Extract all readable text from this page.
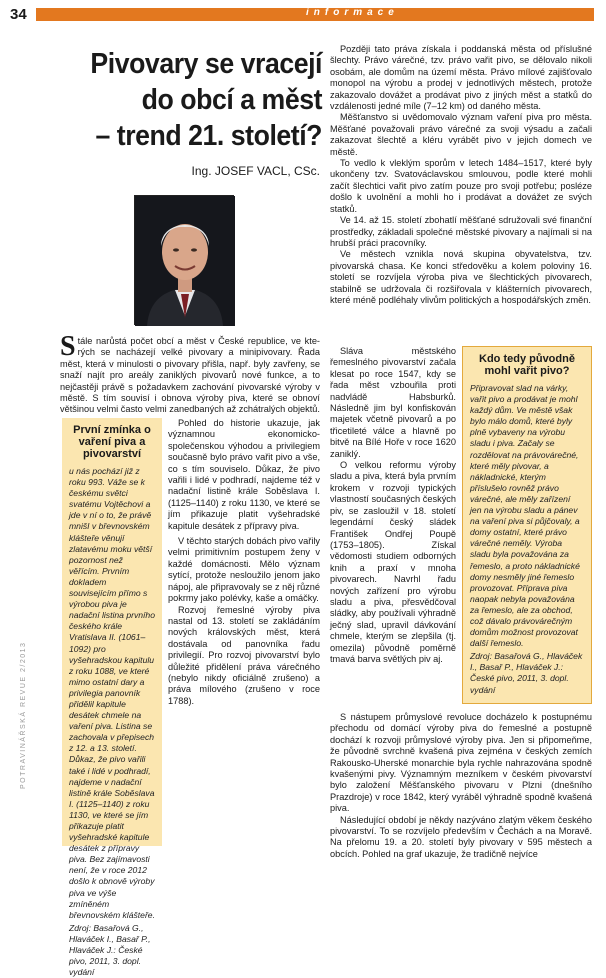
34	informace
POTRAVINÁŘSKÁ REVUE 2/2013
Pivovary se vracejí
do obcí a měst
– trend 21. století?
Ing. JOSEF VACL, CSc.

Stále narůstá počet obcí a měst v České republice, ve kte- rých se nacházejí velké pivovary a minipivovary. Řada měst, která v minulosti o pivovary přišla, např. byly zavřeny, se snaží najít pro areály zaniklých pivovarů nové funkce, a to nejčastěji právě s požadavkem zachování pivovarské výroby v městě. S tím souvisí i obnova výroby piva, které se obnoví většinou velmi často velmi zanedbaných až zchátralých objektů.

První zmínka o vaření piva a pivovarství
u nás pochází již z roku 993. Váže se k českému světci svatému Vojtěchovi a jde v ní o to, že právě mnišI v břevnovském klášteře věnují zlatavému moku větší pozornost než věřícím. Prvním dokladem souvisejícím přímo s výrobou piva je nadační listina prvního českého krále Vratislava II. (1061–1092) pro vyšehradskou kapitulu z roku 1088, ve které mimo ostatní dary a privilegia panovník přidělil kapitule desátek chmele na vaření piva. Listina se zachovala v přepisech z 12. a 13. století. Důkaz, že pivo vařili také i lidé v podhradí, najdeme v nadační listině krále Soběslava I. (1125–1140) z roku 1130, ve které se jím přikazuje platit vyšehradské kapitule desátek z přípravy piva. Bez zajímavosti není, že v roce 2012 došlo k obnově výroby piva ve výše zmíněném břevnovském klášteře.
Zdroj: Basařová G., Hlaváček I., Basař P., Hlaváček J.: České pivo, 2011, 3. dopl. vydání

Pohled do historie ukazuje, jak významnou ekonomicko-společenskou výhodou a privilegiem současně bylo právo vařit pivo a vše, co s tím souviselo. Důkaz, že pivo vařili i lidé v podhradí, najdeme též v nadační listině krále Soběslava I. (1125–1140) z roku 1130, ve které se jím přikazuje platit vyšehradské kapitule desátek z přípravy piva.

V těchto starých dobách pivo vařily velmi primitivním postupem ženy v každé domácnosti. Mělo význam sytící, protože nesloužilo jenom jako nápoj, ale připravovaly se z něj různé pokrmy jako polévky, kaše a omáčky.

Rozvoj řemeslné výroby piva nastal od 13. století se zakládáním nových královských měst, která dostávala od panovníka řadu privilegií. Pro rozvoj pivovarství bylo důležité přidělení práva várečného (nebylo nikdy oficiálně zrušeno) a práva mílového (zrušeno v roce 1788).

Později tato práva získala i poddanská města od příslušné šlechty. Právo várečné, tzv. právo vařit pivo, se dělovalo nikoli osobám, ale domům na území města. Právo mílové zajišťovalo monopol na výrobu a prodej v jednotlivých městech, protože zakazovalo dovážet a prodávat pivo z jiných měst a statků do vzdálenosti jedné míle (7–12 km) od daného města.

Měšťanstvo si uvědomovalo význam vaření piva pro města. Měšťané považovali právo várečné za svoji výsadu a začali zakazovat šlechtě a kléru vyrábět pivo v jejich domech ve městě.

To vedlo k vleklým sporům v letech 1484–1517, které byly ukončeny tzv. Svatováclavskou smlouvou, podle které mohli začít šlechtici vařit pivo zatím pouze pro svoji potřebu; posléze došlo k uvolnění a mohli ho i prodávat a dovážet ze svých statků.

Ve 14. až 15. století zbohatlí měšťané sdružovali své finanční prostředky, základali společné městské pivovary a najímali si na hrubší práci pracovníky.

Ve městech vznikla nová skupina obyvatelstva, tzv. pivovarská chasa. Ke konci středověku a kolem poloviny 16. století se rozvíjela výroba piva ve šlechtických pivovarech, stabilně se udržovala či rozšiřovala v klášterních pivovarech, které méně podléhaly vlivům politických a hospodářských změn.

Sláva městského řemeslného pivovarství začala klesat po roce 1547, kdy se řada měst vzbouřila proti nadvládě Habsburků. Následně jim byl konfiskován majetek včetně pivovarů a po třicetileté válce a hlavně po bitvě na Bílé Hoře v roce 1620 zaniklý.

O velkou reformu výroby sladu a piva, která byla prvním krokem v rozvoji typických vlastností současných českých piv, se zasloužil v 18. století legendární český sládek František Ondřej Poupě (1753–1805). Získal vědomosti studiem odborných knih a praxí v mnoha pivovarech. Navrhl řadu nových zařízení pro výrobu sladu a piva, přesvědčoval sládky, aby používali výhradně ječný slad, upravil dávkování chmele, kterým se zlepšila (tj. omezila) původně poměrně tmavá barva světlých piv aj.

Kdo tedy původně mohl vařit pivo?
Připravovat slad na várky, vařit pivo a prodávat je mohl každý dům. Ve městě však bylo málo domů, které byly plně vybaveny na výrobu sladu i piva. Začaly se rozdělovat na právovárečné, které měly pivovar, a nákladnické, kterým příslušelo rovněž právo várečné, ale měly zařízení jen na výrobu sladu a pánev na vaření piva si půjčovaly, a domy ostatní, které právo várečné neměly. Výroba sladu byla považována za řemeslo, a proto nákladnické domy nesměly jiné řemeslo provozovat. Příprava piva naopak nebyla považována za řemeslo, ale za obchod, což dávalo právovárečným domům možnost provozovat další řemeslo.
Zdroj: Basařová G., Hlaváček I., Basař P., Hlaváček J.: České pivo, 2011, 3. dopl. vydání

S nástupem průmyslové revoluce docházelo k postupnému přechodu od domácí výroby piva do řemeslné a postupně dochází k rozvoji průmyslové výroby piva. Jen si připomeňme, že původně svrchně kvašená piva zejména v českých zemích Rakousko-Uherské monarchie byla rychle nahrazována spodně kvašenými pivy. Významným mezníkem v českém pivovarství bylo založení Měšťanského pivovaru v Plzni (dnešního Prazdroje) v roce 1842, který vyráběl výhradně spodně kvašená piva.

Následující období je někdy nazýváno zlatým věkem českého pivovarství. To se rozvíjelo především v Čechách a na Moravě. Na přelomu 19. a 20. století byly pivovary v 595 městech a obcích. Pohled na graf ukazuje, že tradičně nejvíce
